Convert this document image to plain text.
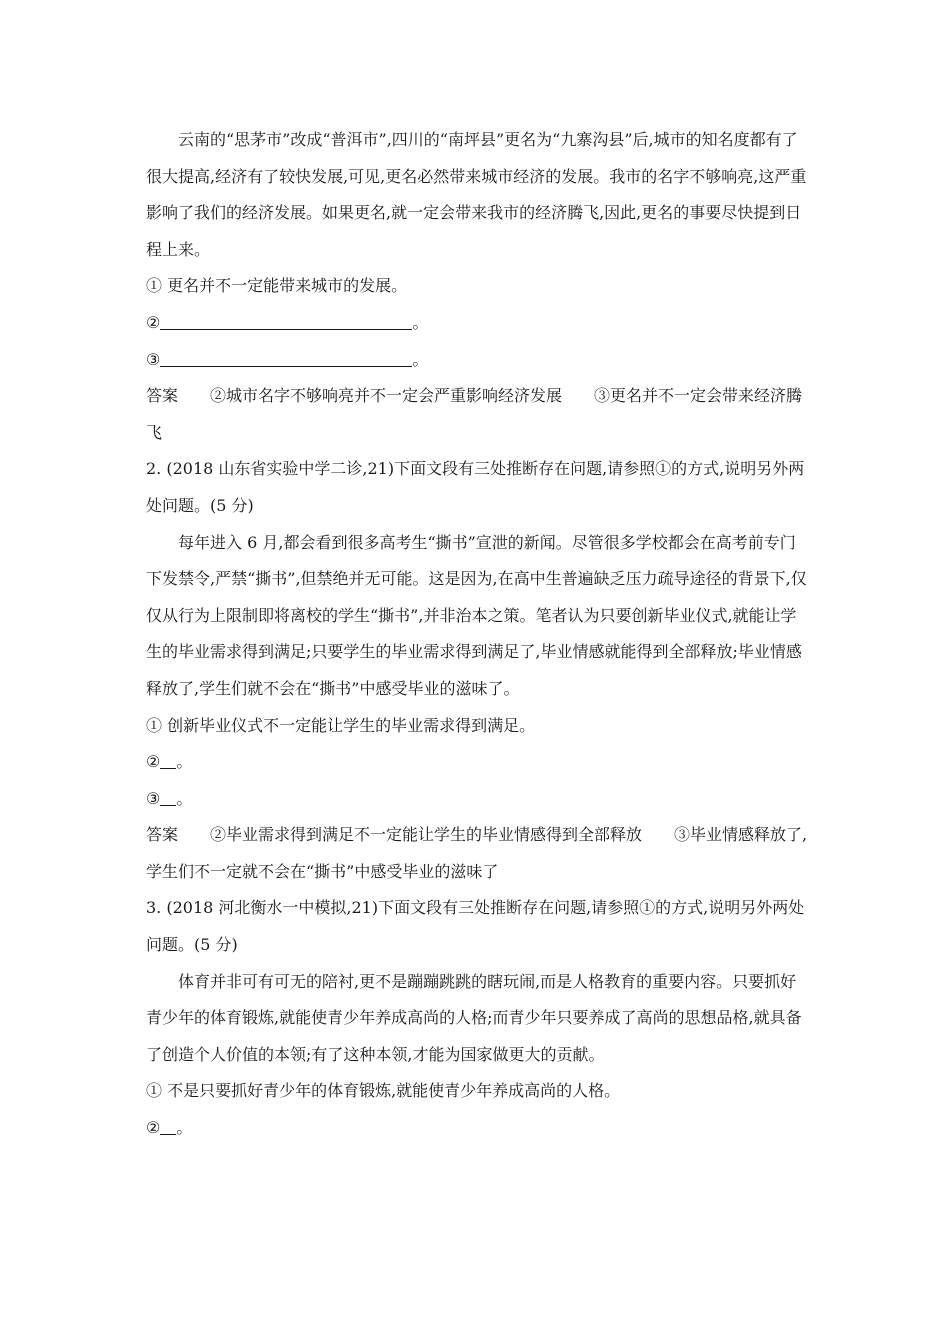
云南的“思茅市”改成“普洱市”,四川的“南坪县”更名为“九寨沟县”后,城市的知名度都有了很大提高,经济有了较快发展,可见,更名必然带来城市经济的发展。我市的名字不够响亮,这严重影响了我们的经济发展。如果更名,就一定会带来我市的经济腾飞,因此,更名的事要尽快提到日程上来。

① 更名并不一定能带来城市的发展。

②	。

③	。

答案 ②城市名字不够响亮并不一定会严重影响经济发展 ③更名并不一定会带来经济腾飞

2. (2018 山东省实验中学二诊,21)下面文段有三处推断存在问题,请参照①的方式,说明另外两处问题。(5 分)

每年进入 6 月,都会看到很多高考生“撕书”宣泄的新闻。尽管很多学校都会在高考前专门下发禁令,严禁“撕书”,但禁绝并无可能。这是因为,在高中生普遍缺乏压力疏导途径的背景下,仅仅从行为上限制即将离校的学生“撕书”,并非治本之策。笔者认为只要创新毕业仪式,就能让学生的毕业需求得到满足;只要学生的毕业需求得到满足了,毕业情感就能得到全部释放;毕业情感释放了,学生们就不会在“撕书”中感受毕业的滋味了。

① 创新毕业仪式不一定能让学生的毕业需求得到满足。

② 。

③ 。

答案 ②毕业需求得到满足不一定能让学生的毕业情感得到全部释放 ③毕业情感释放了,学生们不一定就不会在“撕书”中感受毕业的滋味了

3. (2018 河北衡水一中模拟,21)下面文段有三处推断存在问题,请参照①的方式,说明另外两处问题。(5 分)

体育并非可有可无的陪衬,更不是蹦蹦跳跳的瞎玩闹,而是人格教育的重要内容。只要抓好青少年的体育锻炼,就能使青少年养成高尚的人格;而青少年只要养成了高尚的思想品格,就具备了创造个人价值的本领;有了这种本领,才能为国家做更大的贡献。

① 不是只要抓好青少年的体育锻炼,就能使青少年养成高尚的人格。

② 。
